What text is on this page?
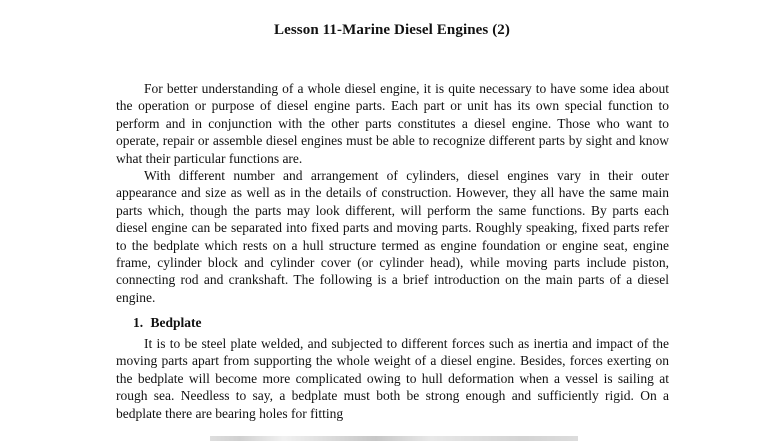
Lesson 11-Marine Diesel Engines (2)

For better understanding of a whole diesel engine, it is quite necessary to have some idea about the operation or purpose of diesel engine parts. Each part or unit has its own special function to perform and in conjunction with the other parts constitutes a diesel engine. Those who want to operate, repair or assemble diesel engines must be able to recognize different parts by sight and know what their particular functions are.

With different number and arrangement of cylinders, diesel engines vary in their outer appearance and size as well as in the details of construction. However, they all have the same main parts which, though the parts may look different, will perform the same functions. By parts each diesel engine can be separated into fixed parts and moving parts. Roughly speaking, fixed parts refer to the bedplate which rests on a hull structure termed as engine foundation or engine seat, engine frame, cylinder block and cylinder cover (or cylinder head), while moving parts include piston, connecting rod and crankshaft. The following is a brief introduction on the main parts of a diesel engine.

1. Bedplate

It is to be steel plate welded, and subjected to different forces such as inertia and impact of the moving parts apart from supporting the whole weight of a diesel engine. Besides, forces exerting on the bedplate will become more complicated owing to hull deformation when a vessel is sailing at rough sea. Needless to say, a bedplate must both be strong enough and sufficiently rigid. On a bedplate there are bearing holes for fitting
